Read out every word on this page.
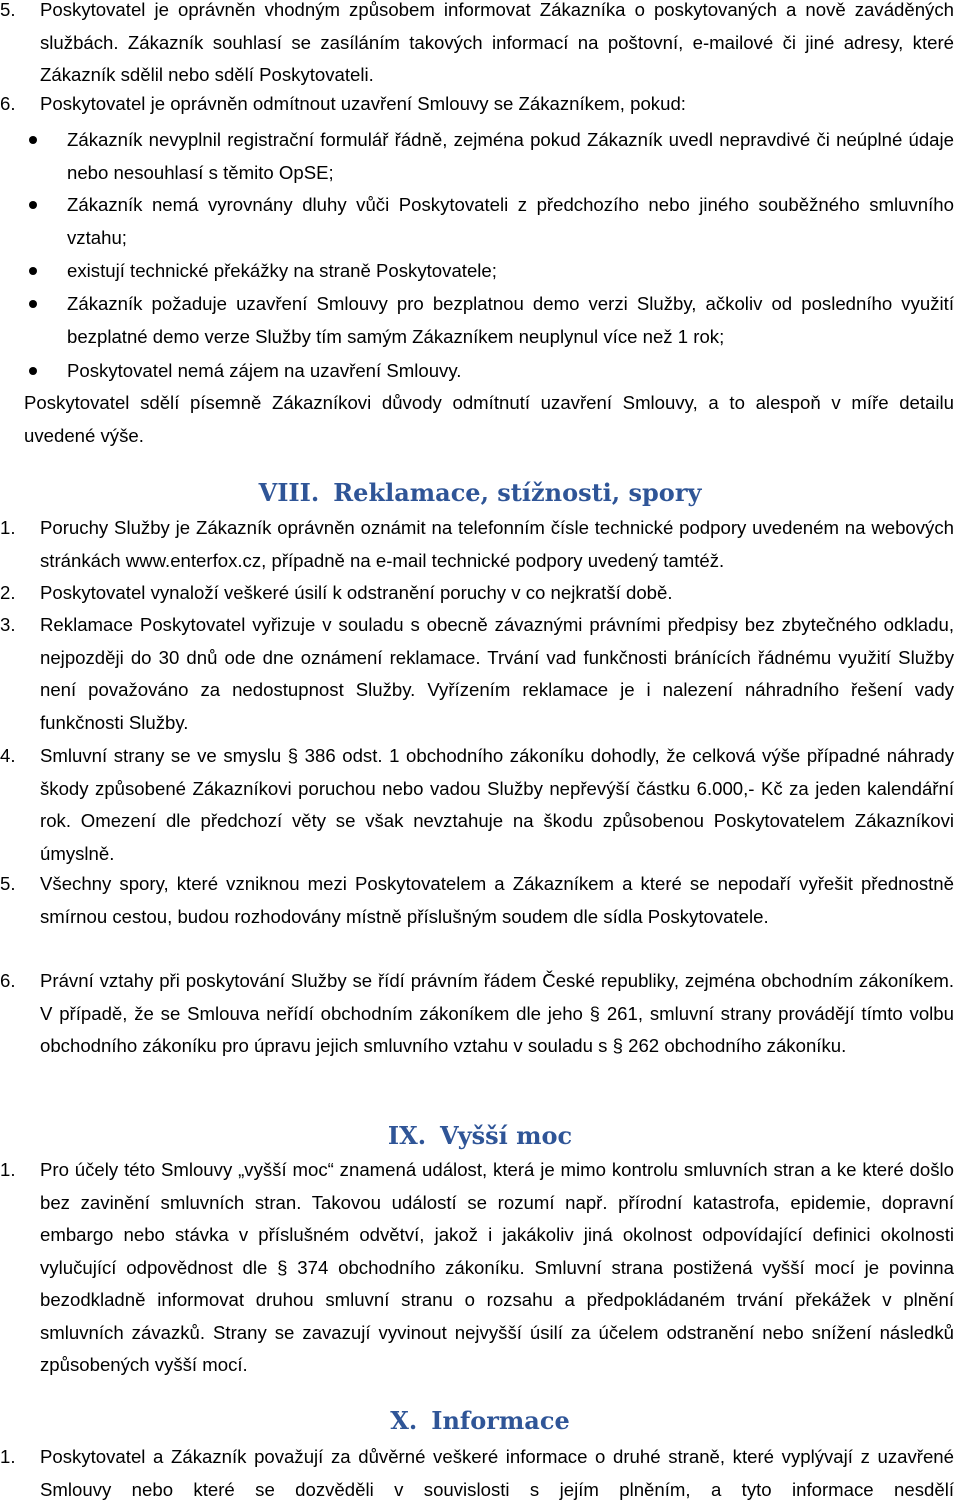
5. Poskytovatel je oprávněn vhodným způsobem informovat Zákazníka o poskytovaných a nově zaváděných službách. Zákazník souhlasí se zasíláním takových informací na poštovní, e-mailové či jiné adresy, které Zákazník sdělil nebo sdělí Poskytovateli.
6. Poskytovatel je oprávněn odmítnout uzavření Smlouvy se Zákazníkem, pokud:
Zákazník nevyplnil registrační formulář řádně, zejména pokud Zákazník uvedl nepravdivé či neúplné údaje nebo nesouhlasí s těmito OpSE;
Zákazník nemá vyrovnány dluhy vůči Poskytovateli z předchozího nebo jiného souběžného smluvního vztahu;
existují technické překážky na straně Poskytovatele;
Zákazník požaduje uzavření Smlouvy pro bezplatnou demo verzi Služby, ačkoliv od posledního využití bezplatné demo verze Služby tím samým Zákazníkem neuplynul více než 1 rok;
Poskytovatel nemá zájem na uzavření Smlouvy.
Poskytovatel sdělí písemně Zákazníkovi důvody odmítnutí uzavření Smlouvy, a to alespoň v míře detailu uvedené výše.
VIII. Reklamace, stížnosti, spory
1. Poruchy Služby je Zákazník oprávněn oznámit na telefonním čísle technické podpory uvedeném na webových stránkách www.enterfox.cz, případně na e-mail technické podpory uvedený tamtéž.
2. Poskytovatel vynaloží veškeré úsilí k odstranění poruchy v co nejkratší době.
3. Reklamace Poskytovatel vyřizuje v souladu s obecně závaznými právními předpisy bez zbytečného odkladu, nejpozději do 30 dnů ode dne oznámení reklamace. Trvání vad funkčnosti bránících řádnému využití Služby není považováno za nedostupnost Služby. Vyřízením reklamace je i nalezení náhradního řešení vady funkčnosti Služby.
4. Smluvní strany se ve smyslu § 386 odst. 1 obchodního zákoníku dohodly, že celková výše případné náhrady škody způsobené Zákazníkovi poruchou nebo vadou Služby nepřevýší částku 6.000,- Kč za jeden kalendářní rok. Omezení dle předchozí věty se však nevztahuje na škodu způsobenou Poskytovatelem Zákazníkovi úmyslně.
5. Všechny spory, které vzniknou mezi Poskytovatelem a Zákazníkem a které se nepodaří vyřešit přednostně smírnou cestou, budou rozhodovány místně příslušným soudem dle sídla Poskytovatele.
6. Právní vztahy při poskytování Služby se řídí právním řádem České republiky, zejména obchodním zákoníkem. V případě, že se Smlouva neřídí obchodním zákoníkem dle jeho § 261, smluvní strany provádějí tímto volbu obchodního zákoníku pro úpravu jejich smluvního vztahu v souladu s § 262 obchodního zákoníku.
IX. Vyšší moc
1. Pro účely této Smlouvy „vyšší moc“ znamená událost, která je mimo kontrolu smluvních stran a ke které došlo bez zavinění smluvních stran. Takovou událostí se rozumí např. přírodní katastrofa, epidemie, dopravní embargo nebo stávka v příslušném odvětví, jakož i jakákoliv jiná okolnost odpovídající definici okolnosti vylučující odpovědnost dle § 374 obchodního zákoníku. Smluvní strana postižená vyšší mocí je povinna bezodkladně informovat druhou smluvní stranu o rozsahu a předpokládaném trvání překážek v plnění smluvních závazků. Strany se zavazují vyvinout nejvyšší úsilí za účelem odstranění nebo snížení následků způsobených vyšší mocí.
X. Informace
1. Poskytovatel a Zákazník považují za důvěrné veškeré informace o druhé straně, které vyplývají z uzavřené Smlouvy nebo které se dozvěděli v souvislosti s jejím plněním, a tyto informace nesdělí
